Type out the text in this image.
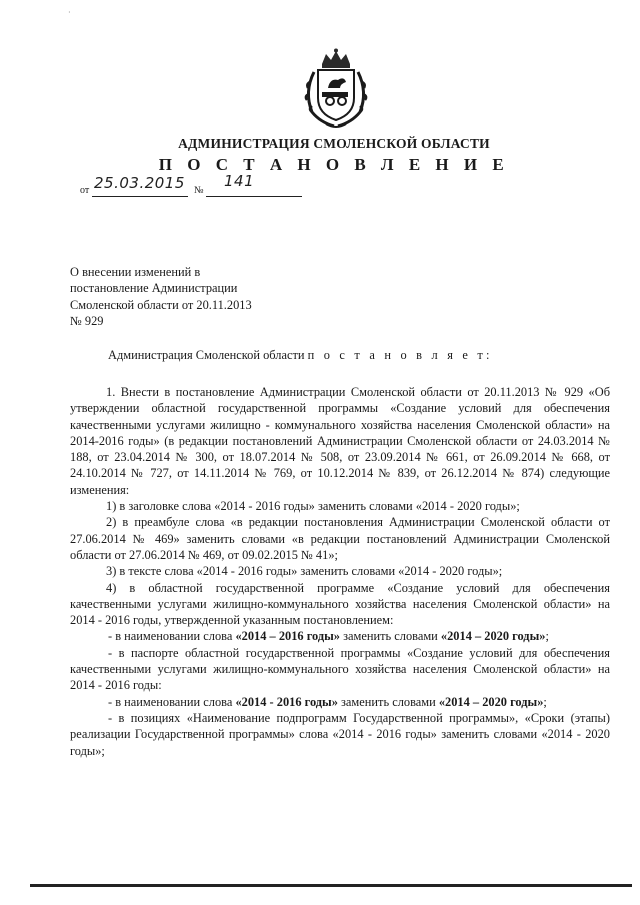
·
АДМИНИСТРАЦИЯ СМОЛЕНСКОЙ ОБЛАСТИ
П О С Т А Н О В Л Е Н И Е
от 25.03.2015 №
141
О внесении изменений в
постановление Администрации
Смоленской области от 20.11.2013
№ 929
Администрация Смоленской области п о с т а н о в л я е т:

1. Внести в постановление Администрации Смоленской области от 20.11.2013 № 929 «Об утверждении областной государственной программы «Создание условий для обеспечения качественными услугами жилищно - коммунального хозяйства населения Смоленской области» на 2014-2016 годы» (в редакции постановлений Администрации Смоленской области от 24.03.2014 № 188, от 23.04.2014 № 300, от 18.07.2014 № 508, от 23.09.2014 № 661, от 26.09.2014 № 668, от 24.10.2014 № 727, от 14.11.2014 № 769, от 10.12.2014 № 839, от 26.12.2014 № 874) следующие изменения:

1) в заголовке слова «2014 - 2016 годы» заменить словами «2014 - 2020 годы»;

2) в преамбуле слова «в редакции постановления Администрации Смоленской области от 27.06.2014 № 469» заменить словами «в редакции постановлений Администрации Смоленской области от 27.06.2014 № 469, от 09.02.2015 № 41»;

3) в тексте слова «2014 - 2016 годы» заменить словами «2014 - 2020 годы»;

4) в областной государственной программе «Создание условий для обеспечения качественными услугами жилищно-коммунального хозяйства населения Смоленской области» на 2014 - 2016 годы, утвержденной указанным постановлением:

- в наименовании слова «2014 – 2016 годы» заменить словами «2014 – 2020 годы»;

- в паспорте областной государственной программы «Создание условий для обеспечения качественными услугами жилищно-коммунального хозяйства населения Смоленской области» на 2014 - 2016 годы:

- в наименовании слова «2014 - 2016 годы» заменить словами «2014 – 2020 годы»;

- в позициях «Наименование подпрограмм Государственной программы», «Сроки (этапы) реализации Государственной программы» слова «2014 - 2016 годы» заменить словами «2014 - 2020 годы»;
